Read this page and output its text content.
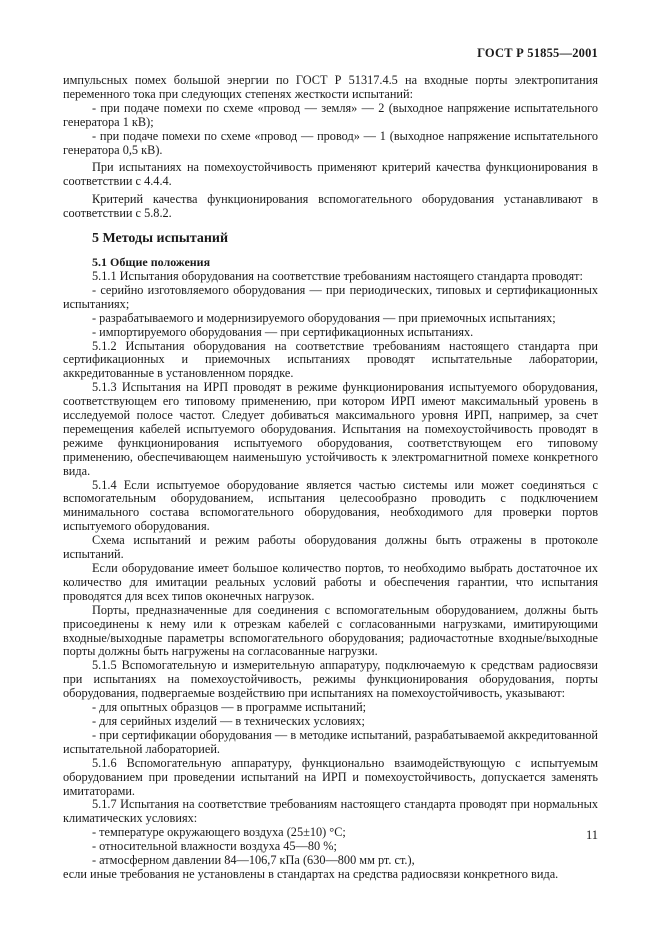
ГОСТ Р 51855—2001
импульсных помех большой энергии по ГОСТ Р 51317.4.5 на входные порты электропитания переменного тока при следующих степенях жесткости испытаний:
- при подаче помехи по схеме «провод — земля» — 2 (выходное напряжение испытательного генератора 1 кВ);
- при подаче помехи по схеме «провод — провод» — 1 (выходное напряжение испытательного генератора 0,5 кВ).
При испытаниях на помехоустойчивость применяют критерий качества функционирования в соответствии с 4.4.4.
Критерий качества функционирования вспомогательного оборудования устанавливают в соответствии с 5.8.2.
5 Методы испытаний
5.1 Общие положения
5.1.1 Испытания оборудования на соответствие требованиям настоящего стандарта проводят:
- серийно изготовляемого оборудования — при периодических, типовых и сертификационных испытаниях;
- разрабатываемого и модернизируемого оборудования — при приемочных испытаниях;
- импортируемого оборудования — при сертификационных испытаниях.
5.1.2 Испытания оборудования на соответствие требованиям настоящего стандарта при сертификационных и приемочных испытаниях проводят испытательные лаборатории, аккредитованные в установленном порядке.
5.1.3 Испытания на ИРП проводят в режиме функционирования испытуемого оборудования, соответствующем его типовому применению, при котором ИРП имеют максимальный уровень в исследуемой полосе частот. Следует добиваться максимального уровня ИРП, например, за счет перемещения кабелей испытуемого оборудования. Испытания на помехоустойчивость проводят в режиме функционирования испытуемого оборудования, соответствующем его типовому применению, обеспечивающем наименьшую устойчивость к электромагнитной помехе конкретного вида.
5.1.4 Если испытуемое оборудование является частью системы или может соединяться с вспомогательным оборудованием, испытания целесообразно проводить с подключением минимального состава вспомогательного оборудования, необходимого для проверки портов испытуемого оборудования.
Схема испытаний и режим работы оборудования должны быть отражены в протоколе испытаний.
Если оборудование имеет большое количество портов, то необходимо выбрать достаточное их количество для имитации реальных условий работы и обеспечения гарантии, что испытания проводятся для всех типов оконечных нагрузок.
Порты, предназначенные для соединения с вспомогательным оборудованием, должны быть присоединены к нему или к отрезкам кабелей с согласованными нагрузками, имитирующими входные/выходные параметры вспомогательного оборудования; радиочастотные входные/выходные порты должны быть нагружены на согласованные нагрузки.
5.1.5 Вспомогательную и измерительную аппаратуру, подключаемую к средствам радиосвязи при испытаниях на помехоустойчивость, режимы функционирования оборудования, порты оборудования, подвергаемые воздействию при испытаниях на помехоустойчивость, указывают:
- для опытных образцов — в программе испытаний;
- для серийных изделий — в технических условиях;
- при сертификации оборудования — в методике испытаний, разрабатываемой аккредитованной испытательной лабораторией.
5.1.6 Вспомогательную аппаратуру, функционально взаимодействующую с испытуемым оборудованием при проведении испытаний на ИРП и помехоустойчивость, допускается заменять имитаторами.
5.1.7 Испытания на соответствие требованиям настоящего стандарта проводят при нормальных климатических условиях:
- температуре окружающего воздуха (25±10) °С;
- относительной влажности воздуха 45—80 %;
- атмосферном давлении 84—106,7 кПа (630—800 мм рт. ст.),
если иные требования не установлены в стандартах на средства радиосвязи конкретного вида.
11
